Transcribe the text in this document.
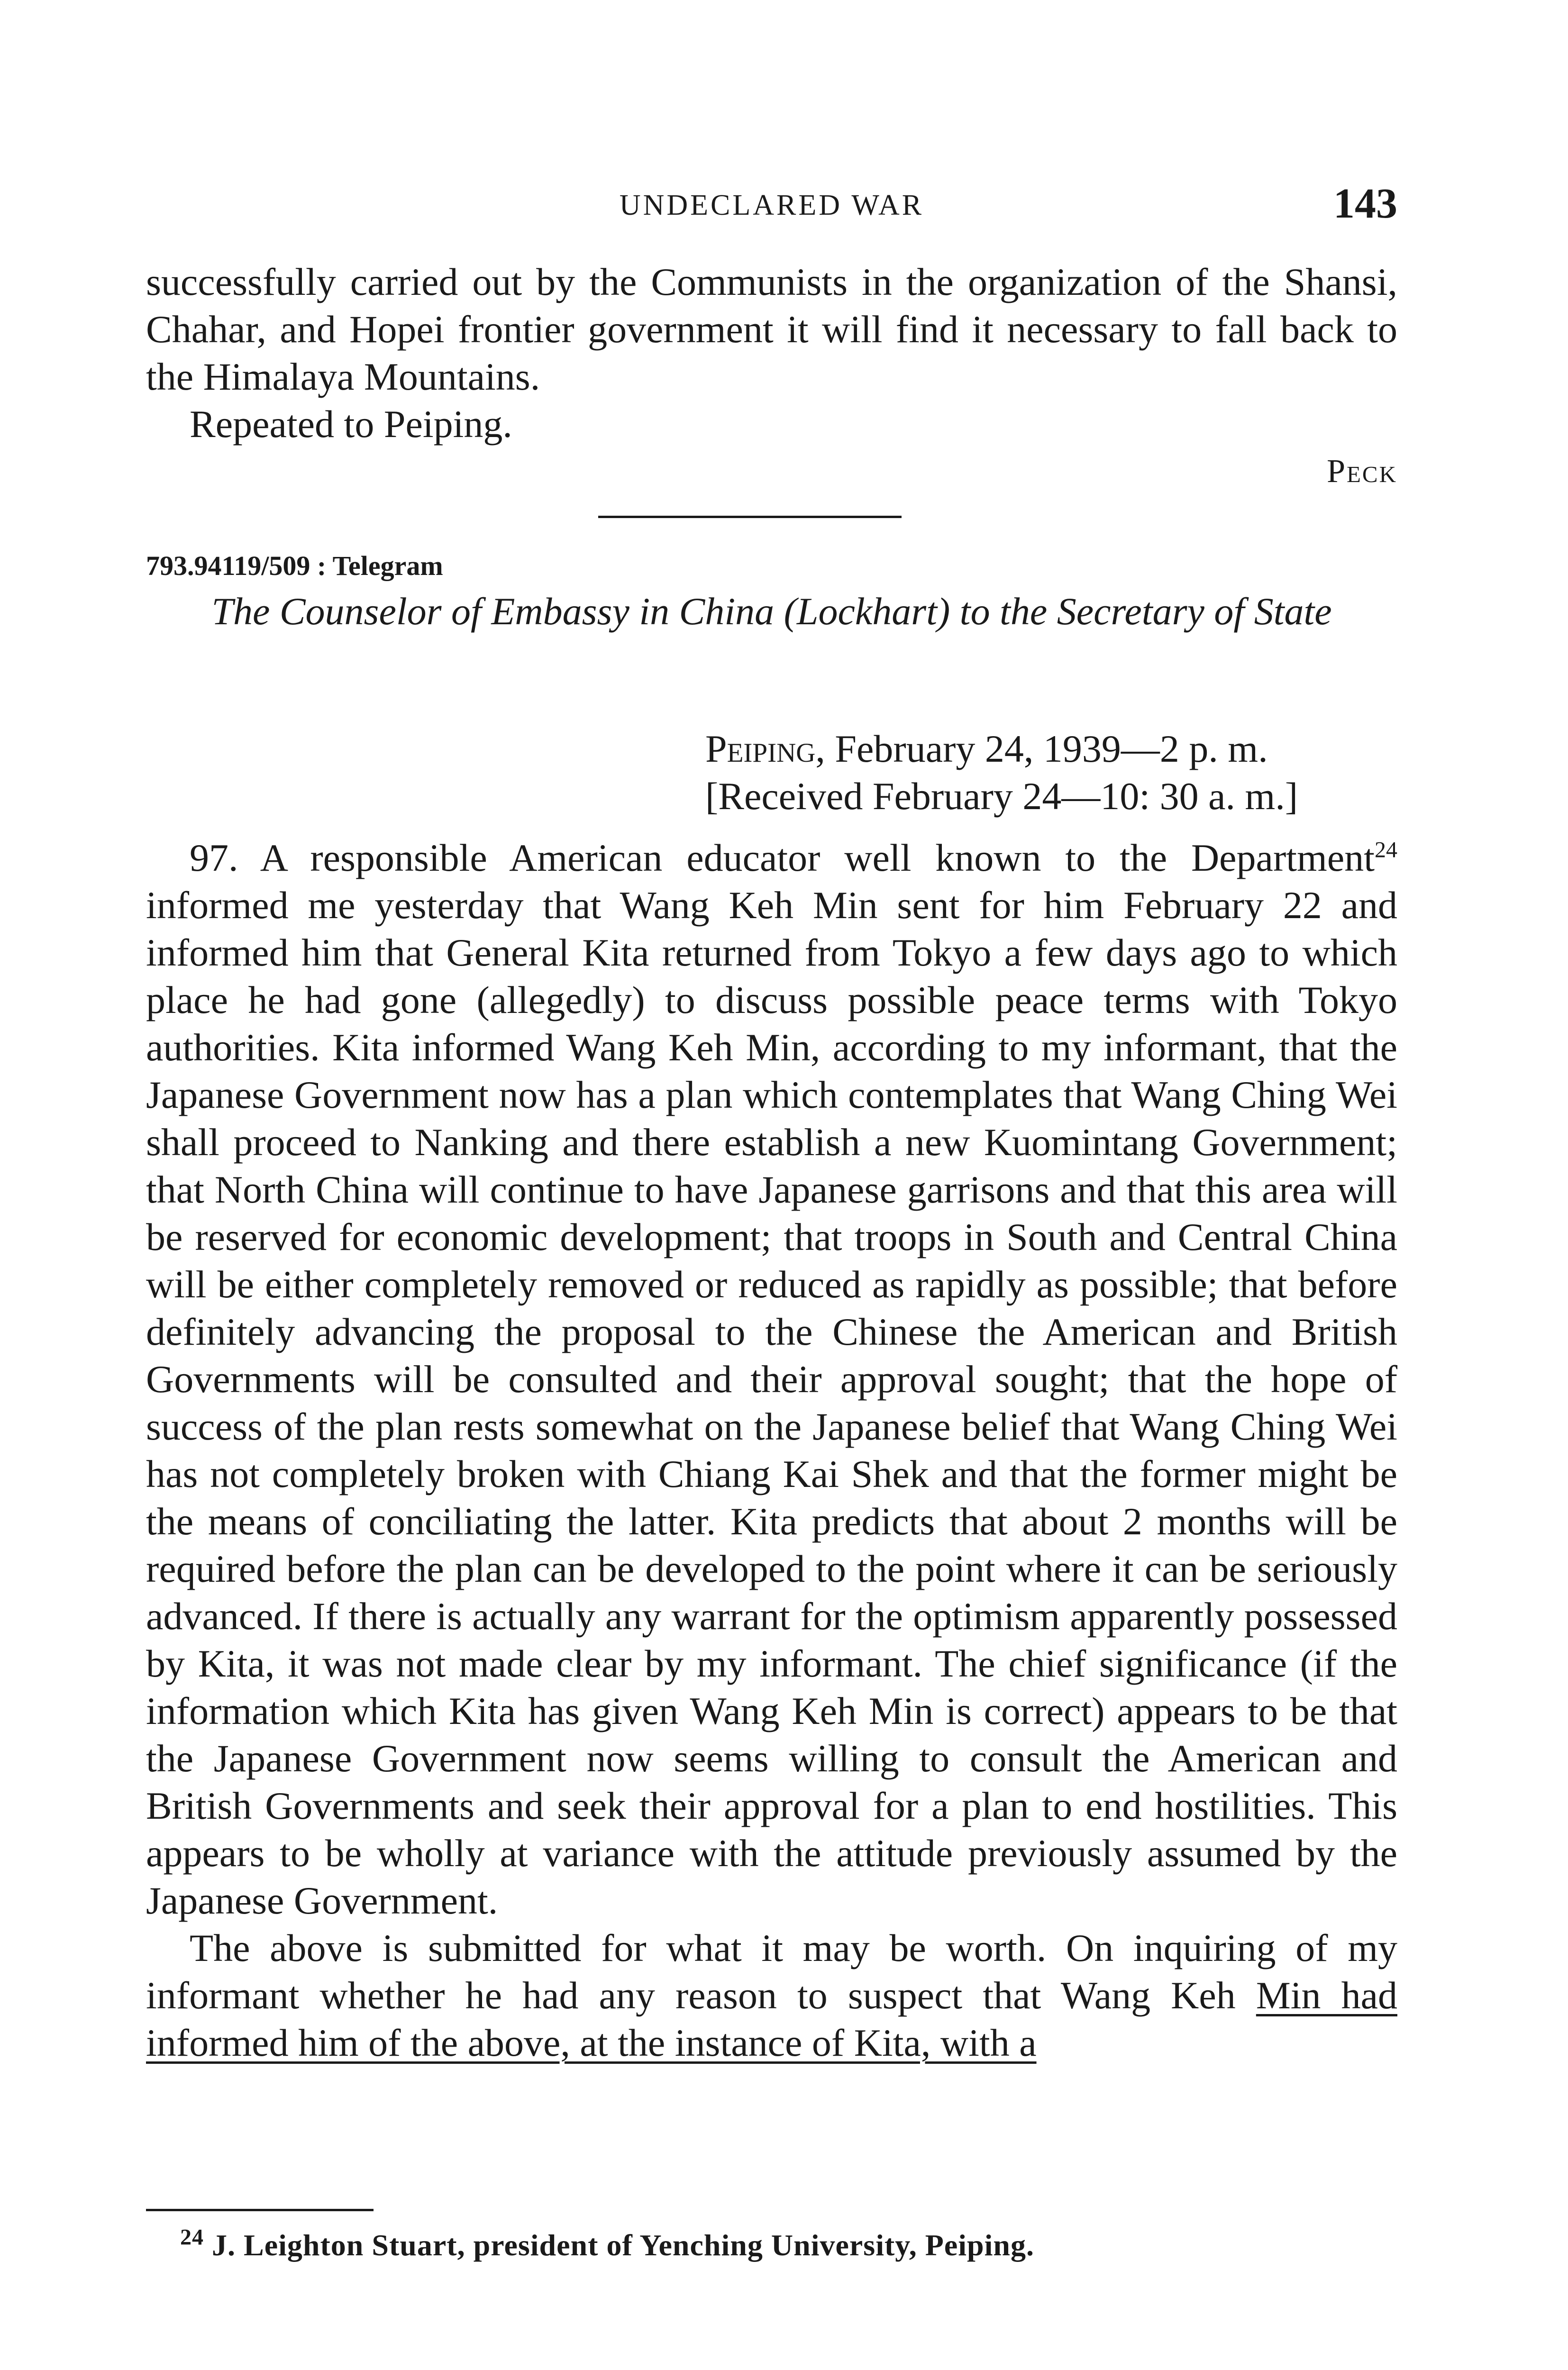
UNDECLARED WAR	143

successfully carried out by the Communists in the organization of the Shansi, Chahar, and Hopei frontier government it will find it necessary to fall back to the Himalaya Mountains.

Repeated to Peiping.

Peck

793.94119/509 : Telegram
The Counselor of Embassy in China (Lockhart) to the Secretary of State
Peiping, February 24, 1939—2 p. m.
[Received February 24—10: 30 a. m.]

97. A responsible American educator well known to the Department$^{24}$ informed me yesterday that Wang Keh Min sent for him February 22 and informed him that General Kita returned from Tokyo a few days ago to which place he had gone (allegedly) to discuss possible peace terms with Tokyo authorities. Kita informed Wang Keh Min, according to my informant, that the Japanese Government now has a plan which contemplates that Wang Ching Wei shall proceed to Nanking and there establish a new Kuomintang Government; that North China will continue to have Japanese garrisons and that this area will be reserved for economic development; that troops in South and Central China will be either completely removed or reduced as rapidly as possible; that before definitely advancing the proposal to the Chinese the American and British Governments will be consulted and their approval sought; that the hope of success of the plan rests somewhat on the Japanese belief that Wang Ching Wei has not completely broken with Chiang Kai Shek and that the former might be the means of conciliating the latter. Kita predicts that about 2 months will be required before the plan can be developed to the point where it can be seriously advanced. If there is actually any warrant for the optimism apparently possessed by Kita, it was not made clear by my informant. The chief significance (if the information which Kita has given Wang Keh Min is correct) appears to be that the Japanese Government now seems willing to consult the American and British Governments and seek their approval for a plan to end hostilities. This appears to be wholly at variance with the attitude previously assumed by the Japanese Government.

The above is submitted for what it may be worth. On inquiring of my informant whether he had any reason to suspect that Wang Keh Min had informed him of the above, at the instance of Kita, with a

$^{24}$ J. Leighton Stuart, president of Yenching University, Peiping.
